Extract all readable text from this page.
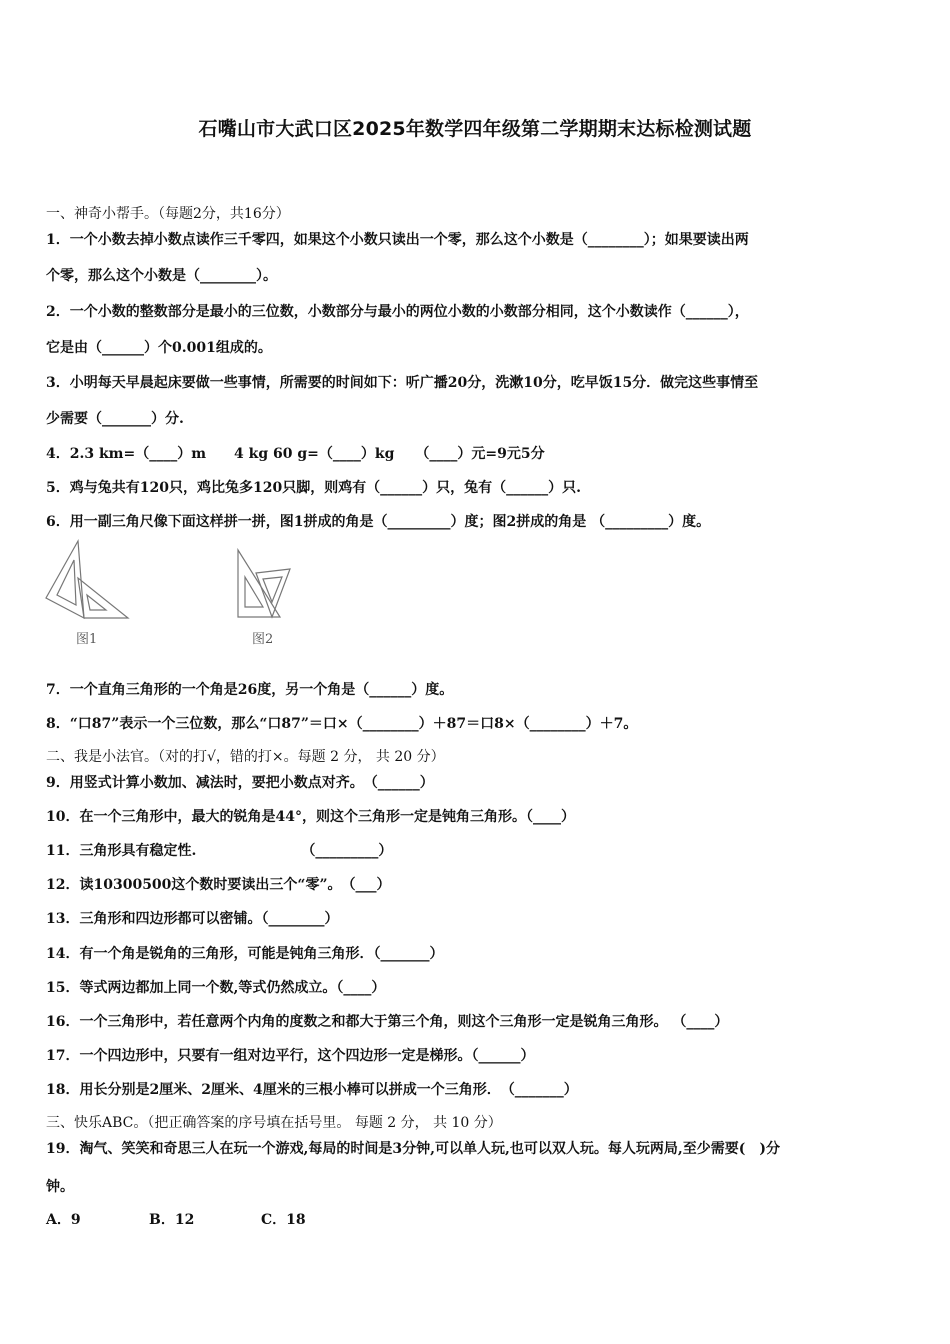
石嘴山市大武口区2025年数学四年级第二学期期末达标检测试题
一、神奇小帮手。（每题2分，共16分）
1．一个小数去掉小数点读作三千零四，如果这个小数只读出一个零，那么这个小数是（________）；如果要读出两
个零，那么这个小数是（________）。
2．一个小数的整数部分是最小的三位数，小数部分与最小的两位小数的小数部分相同，这个小数读作（______），
它是由（______）个0.001组成的。
3．小明每天早晨起床要做一些事情，所需要的时间如下：听广播20分，洗漱10分，吃早饭15分．做完这些事情至
少需要（_______）分.
4．2.3 km=（____）m　　4 kg 60 g=（____）kg　　（____）元=9元5分
5．鸡与兔共有120只，鸡比兔多120只脚，则鸡有（______）只，兔有（______）只.
6．用一副三角尺像下面这样拼一拼，图1拼成的角是（_________）度；图2拼成的角是 （_________）度。
图1	图2
7．一个直角三角形的一个角是26度，另一个角是（______）度。
8．“口87”表示一个三位数，那么“口87”＝口×（________）＋87＝口8×（________）＋7。
二、我是小法官。（对的打√，错的打×。每题 2 分， 共 20 分）
9．用竖式计算小数加、减法时，要把小数点对齐。　（______）
10．在一个三角形中，最大的锐角是44°，则这个三角形一定是钝角三角形。（____）
11．三角形具有稳定性.　　　　　　　　（_________）
12．读10300500这个数时要读出三个“零”。　（___）
13．三角形和四边形都可以密铺。（________）
14．有一个角是锐角的三角形，可能是钝角三角形．（_______）
15．等式两边都加上同一个数,等式仍然成立。（____）
16．一个三角形中，若任意两个内角的度数之和都大于第三个角，则这个三角形一定是锐角三角形。 （____）
17．一个四边形中，只要有一组对边平行，这个四边形一定是梯形。（______）
18．用长分别是2厘米、2厘米、4厘米的三根小棒可以拼成一个三角形．　（_______）
三、快乐ABC。（把正确答案的序号填在括号里。 每题 2 分， 共 10 分）
19．淘气、笑笑和奇思三人在玩一个游戏,每局的时间是3分钟,可以单人玩,也可以双人玩。每人玩两局,至少需要(　)分
钟。
A．9	B．12	C．18
